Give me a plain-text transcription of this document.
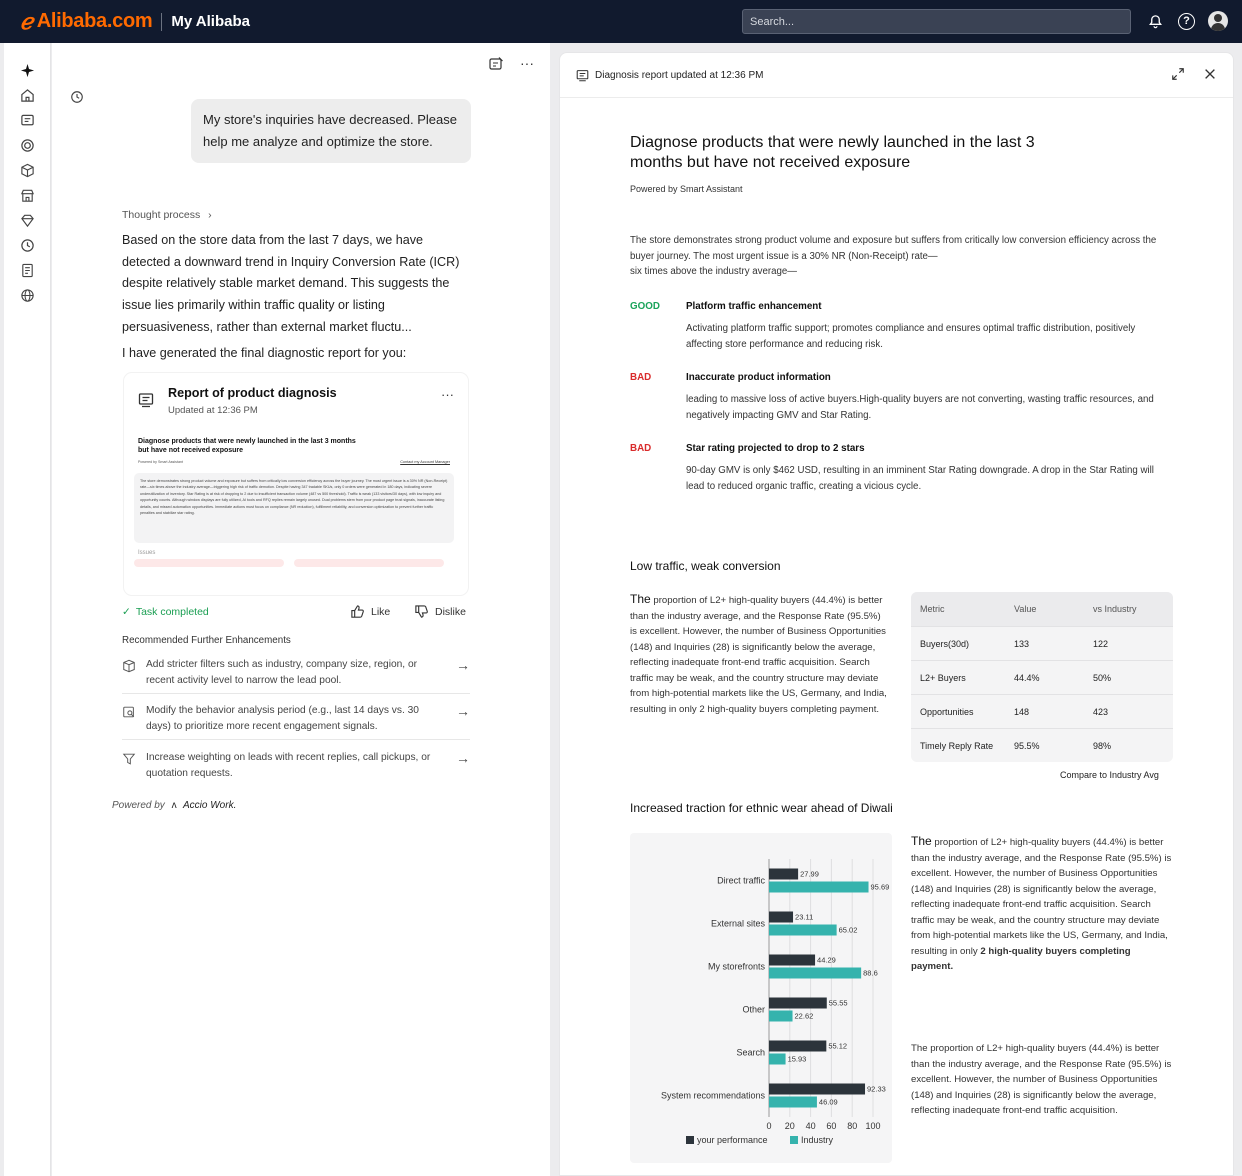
ℯ Alibaba.com My Alibaba	Search...	?
···
My store's inquiries have decreased. Please help me analyze and optimize the store.
Thought process ›
Based on the store data from the last 7 days, we have detected a downward trend in Inquiry Conversion Rate (ICR) despite relatively stable market demand. This suggests the issue lies primarily within traffic quality or listing persuasiveness, rather than external market fluctu...
I have generated the final diagnostic report for you:
Report of product diagnosis
Updated at 12:36 PM
···
Diagnose products that were newly launched in the last 3 months but have not received exposure
Powered by Smart Assistant	Contact my Account Manager
The store demonstrates strong product volume and exposure but suffers from critically low conversion efficiency across the buyer journey. The most urgent issue is a 30% NR (Non-Receipt) rate—six times above the industry average—triggering high risk of traffic demotion. Despite having 347 tradable SKUs, only 0 orders were generated in 180 days, indicating severe underutilization of inventory. Star Rating is at risk of dropping to 2 due to insufficient transaction volume (487 vs 500 threshold). Traffic is weak (133 visitors/30 days), with low inquiry and opportunity counts. Although window displays are fully utilized, AI tools and RFQ replies remain largely unused. Dual problems stem from poor product page trust signals, inaccurate listing details, and missed automation opportunities. Immediate actions must focus on compliance (NR reduction), fulfillment reliability, and conversion optimization to prevent further traffic penalties and stabilize star rating.
Issues
✓ Task completed	Like	Dislike
Recommended Further Enhancements
Add stricter filters such as industry, company size, region, or recent activity level to narrow the lead pool.
→
Modify the behavior analysis period (e.g., last 14 days vs. 30 days) to prioritize more recent engagement signals.
→
Increase weighting on leads with recent replies, call pickups, or quotation requests.
→
Powered by ʌ Accio Work.
Diagnosis report updated at 12:36 PM
Diagnose products that were newly launched in the last 3 months but have not received exposure
Powered by Smart Assistant
The store demonstrates strong product volume and exposure but suffers from critically low conversion efficiency across the buyer journey. The most urgent issue is a 30% NR (Non-Receipt) rate—
six times above the industry average—
GOOD	Platform traffic enhancement
Activating platform traffic support; promotes compliance and ensures optimal traffic distribution, positively affecting store performance and reducing risk.
BAD	Inaccurate product information
leading to massive loss of active buyers.High-quality buyers are not converting, wasting traffic resources, and negatively impacting GMV and Star Rating.
BAD	Star rating projected to drop to 2 stars
90-day GMV is only $462 USD, resulting in an imminent Star Rating downgrade. A drop in the Star Rating will lead to reduced organic traffic, creating a vicious cycle.
Low traffic, weak conversion
The proportion of L2+ high-quality buyers (44.4%) is better than the industry average, and the Response Rate (95.5%) is excellent. However, the number of Business Opportunities (148) and Inquiries (28) is significantly below the average, reflecting inadequate front-end traffic acquisition. Search traffic may be weak, and the country structure may deviate from high-potential markets like the US, Germany, and India, resulting in only 2 high-quality buyers completing payment.
Metric	Value	vs Industry
Buyers(30d)	133	122
L2+ Buyers	44.4%	50%
Opportunities	148	423
Timely Reply Rate	95.5%	98%
Compare to Industry Avg
Increased traction for ethnic wear ahead of Diwali
0 20 40 60 80 100
Direct traffic
27.99
95.69
External sites
23.11
65.02
My storefronts
44.29
88.6
Other
55.55
22.62
Search
55.12
15.93
System recommendations
92.33
46.09
your performance	Industry
The proportion of L2+ high-quality buyers (44.4%) is better than the industry average, and the Response Rate (95.5%) is excellent. However, the number of Business Opportunities (148) and Inquiries (28) is significantly below the average, reflecting inadequate front-end traffic acquisition. Search traffic may be weak, and the country structure may deviate from high-potential markets like the US, Germany, and India, resulting in only 2 high-quality buyers completing payment.
The proportion of L2+ high-quality buyers (44.4%) is better than the industry average, and the Response Rate (95.5%) is excellent. However, the number of Business Opportunities (148) and Inquiries (28) is significantly below the average, reflecting inadequate front-end traffic acquisition.
